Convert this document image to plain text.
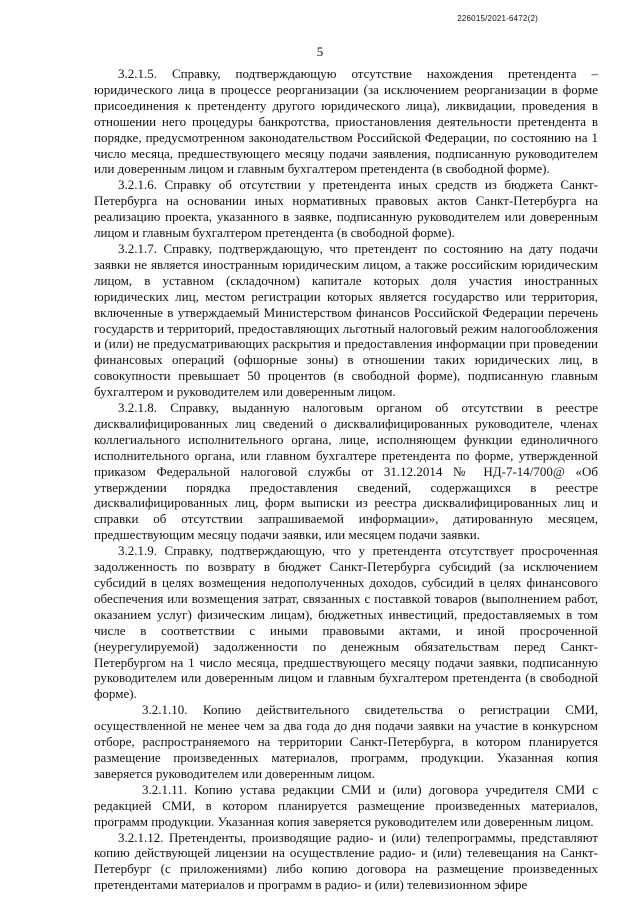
226015/2021-6472(2)
5

3.2.1.5. Справку, подтверждающую отсутствие нахождения претендента – юридического лица в процессе реорганизации (за исключением реорганизации в форме присоединения к претенденту другого юридического лица), ликвидации, проведения в отношении него процедуры банкротства, приостановления деятельности претендента в порядке, предусмотренном законодательством Российской Федерации, по состоянию на 1 число месяца, предшествующего месяцу подачи заявления, подписанную руководителем или доверенным лицом и главным бухгалтером претендента (в свободной форме).

3.2.1.6. Справку об отсутствии у претендента иных средств из бюджета Санкт-Петербурга на основании иных нормативных правовых актов Санкт-Петербурга на реализацию проекта, указанного в заявке, подписанную руководителем или доверенным лицом и главным бухгалтером претендента (в свободной форме).

3.2.1.7. Справку, подтверждающую, что претендент по состоянию на дату подачи заявки не является иностранным юридическим лицом, а также российским юридическим лицом, в уставном (складочном) капитале которых доля участия иностранных юридических лиц, местом регистрации которых является государство или территория, включенные в утверждаемый Министерством финансов Российской Федерации перечень государств и территорий, предоставляющих льготный налоговый режим налогообложения и (или) не предусматривающих раскрытия и предоставления информации при проведении финансовых операций (офшорные зоны) в отношении таких юридических лиц, в совокупности превышает 50 процентов (в свободной форме), подписанную главным бухгалтером и руководителем или доверенным лицом.

3.2.1.8. Справку, выданную налоговым органом об отсутствии в реестре дисквалифицированных лиц сведений о дисквалифицированных руководителе, членах коллегиального исполнительного органа, лице, исполняющем функции единоличного исполнительного органа, или главном бухгалтере претендента по форме, утвержденной приказом Федеральной налоговой службы от 31.12.2014 № НД-7-14/700@ «Об утверждении порядка предоставления сведений, содержащихся в реестре дисквалифицированных лиц, форм выписки из реестра дисквалифицированных лиц и справки об отсутствии запрашиваемой информации», датированную месяцем, предшествующим месяцу подачи заявки, или месяцем подачи заявки.

3.2.1.9. Справку, подтверждающую, что у претендента отсутствует просроченная задолженность по возврату в бюджет Санкт-Петербурга субсидий (за исключением субсидий в целях возмещения недополученных доходов, субсидий в целях финансового обеспечения или возмещения затрат, связанных с поставкой товаров (выполнением работ, оказанием услуг) физическим лицам), бюджетных инвестиций, предоставляемых в том числе в соответствии с иными правовыми актами, и иной просроченной (неурегулируемой) задолженности по денежным обязательствам перед Санкт-Петербургом на 1 число месяца, предшествующего месяцу подачи заявки, подписанную руководителем или доверенным лицом и главным бухгалтером претендента (в свободной форме).

3.2.1.10. Копию действительного свидетельства о регистрации СМИ, осуществленной не менее чем за два года до дня подачи заявки на участие в конкурсном отборе, распространяемого на территории Санкт-Петербурга, в котором планируется размещение произведенных материалов, программ, продукции. Указанная копия заверяется руководителем или доверенным лицом.

3.2.1.11. Копию устава редакции СМИ и (или) договора учредителя СМИ с редакцией СМИ, в котором планируется размещение произведенных материалов, программ продукции. Указанная копия заверяется руководителем или доверенным лицом.

3.2.1.12. Претенденты, производящие радио- и (или) телепрограммы, представляют копию действующей лицензии на осуществление радио- и (или) телевещания на Санкт-Петербург (с приложениями) либо копию договора на размещение произведенных претендентами материалов и программ в радио- и (или) телевизионном эфире
